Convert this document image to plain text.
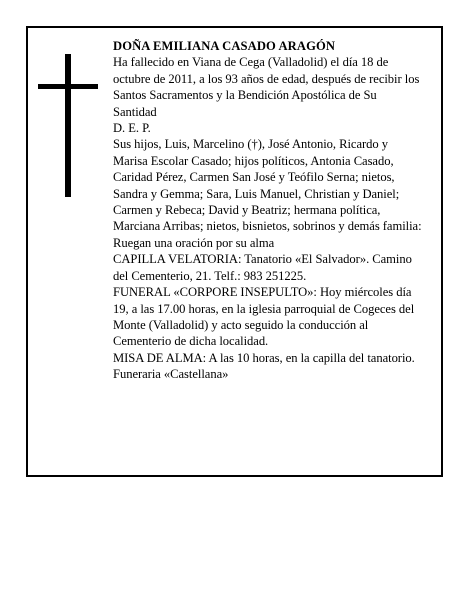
DOÑA EMILIANA CASADO ARAGÓN

Ha fallecido en Viana de Cega (Valladolid) el día 18 de octubre de 2011, a los 93 años de edad, después de recibir los Santos Sacramentos y la Bendición Apostólica de Su Santidad

D. E. P.

Sus hijos, Luis, Marcelino (†), José Antonio, Ricardo y Marisa Escolar Casado; hijos políticos, Antonia Casado, Caridad Pérez, Carmen San José y Teófilo Serna; nietos, Sandra y Gemma; Sara, Luis Manuel, Christian y Daniel; Carmen y Rebeca; David y Beatriz; hermana política, Marciana Arribas; nietos, bisnietos, sobrinos y demás familia:

Ruegan una oración por su alma

CAPILLA VELATORIA: Tanatorio «El Salvador». Camino del Cementerio, 21. Telf.: 983 251225.

FUNERAL «CORPORE INSEPULTO»: Hoy miércoles día 19, a las 17.00 horas, en la iglesia parroquial de Cogeces del Monte (Valladolid) y acto seguido la conducción al Cementerio de dicha localidad.

MISA DE ALMA: A las 10 horas, en la capilla del tanatorio.

Funeraria «Castellana»
